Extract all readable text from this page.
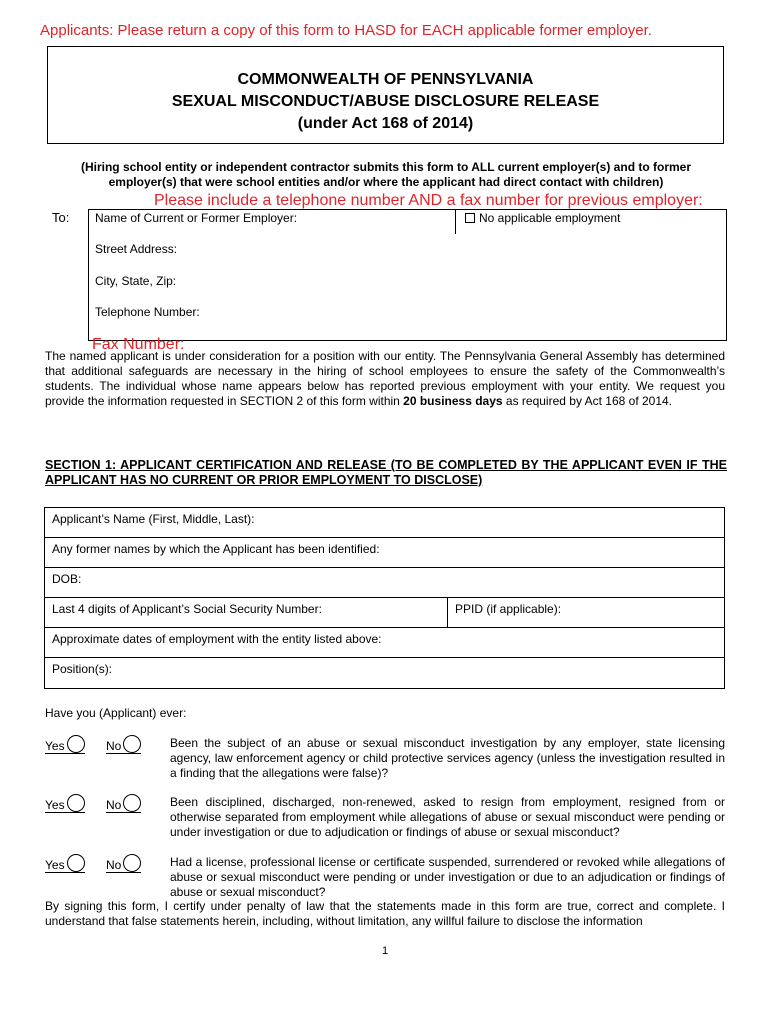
Applicants: Please return a copy of this form to HASD for EACH applicable former employer.
COMMONWEALTH OF PENNSYLVANIA
SEXUAL MISCONDUCT/ABUSE DISCLOSURE RELEASE
(under Act 168 of 2014)
(Hiring school entity or independent contractor submits this form to ALL current employer(s) and to former employer(s) that were school entities and/or where the applicant had direct contact with children)
Please include a telephone number AND a fax number for previous employer:
To: Name of Current or Former Employer:	No applicable employment
Street Address:
City, State, Zip:
Telephone Number:
Fax Number:
The named applicant is under consideration for a position with our entity. The Pennsylvania General Assembly has determined that additional safeguards are necessary in the hiring of school employees to ensure the safety of the Commonwealth’s students. The individual whose name appears below has reported previous employment with your entity. We request you provide the information requested in SECTION 2 of this form within 20 business days as required by Act 168 of 2014.
SECTION 1: APPLICANT CERTIFICATION AND RELEASE (TO BE COMPLETED BY THE APPLICANT EVEN IF THE APPLICANT HAS NO CURRENT OR PRIOR EMPLOYMENT TO DISCLOSE)
Applicant’s Name (First, Middle, Last):
Any former names by which the Applicant has been identified:
DOB:
Last 4 digits of Applicant’s Social Security Number:	PPID (if applicable):
Approximate dates of employment with the entity listed above:
Position(s):
Have you (Applicant) ever:
Yes	No	Been the subject of an abuse or sexual misconduct investigation by any employer, state licensing agency, law enforcement agency or child protective services agency (unless the investigation resulted in a finding that the allegations were false)?
Yes	No	Been disciplined, discharged, non-renewed, asked to resign from employment, resigned from or otherwise separated from employment while allegations of abuse or sexual misconduct were pending or under investigation or due to adjudication or findings of abuse or sexual misconduct?
Yes	No	Had a license, professional license or certificate suspended, surrendered or revoked while allegations of abuse or sexual misconduct were pending or under investigation or due to an adjudication or findings of abuse or sexual misconduct?
By signing this form, I certify under penalty of law that the statements made in this form are true, correct and complete. I understand that false statements herein, including, without limitation, any willful failure to disclose the information
1
